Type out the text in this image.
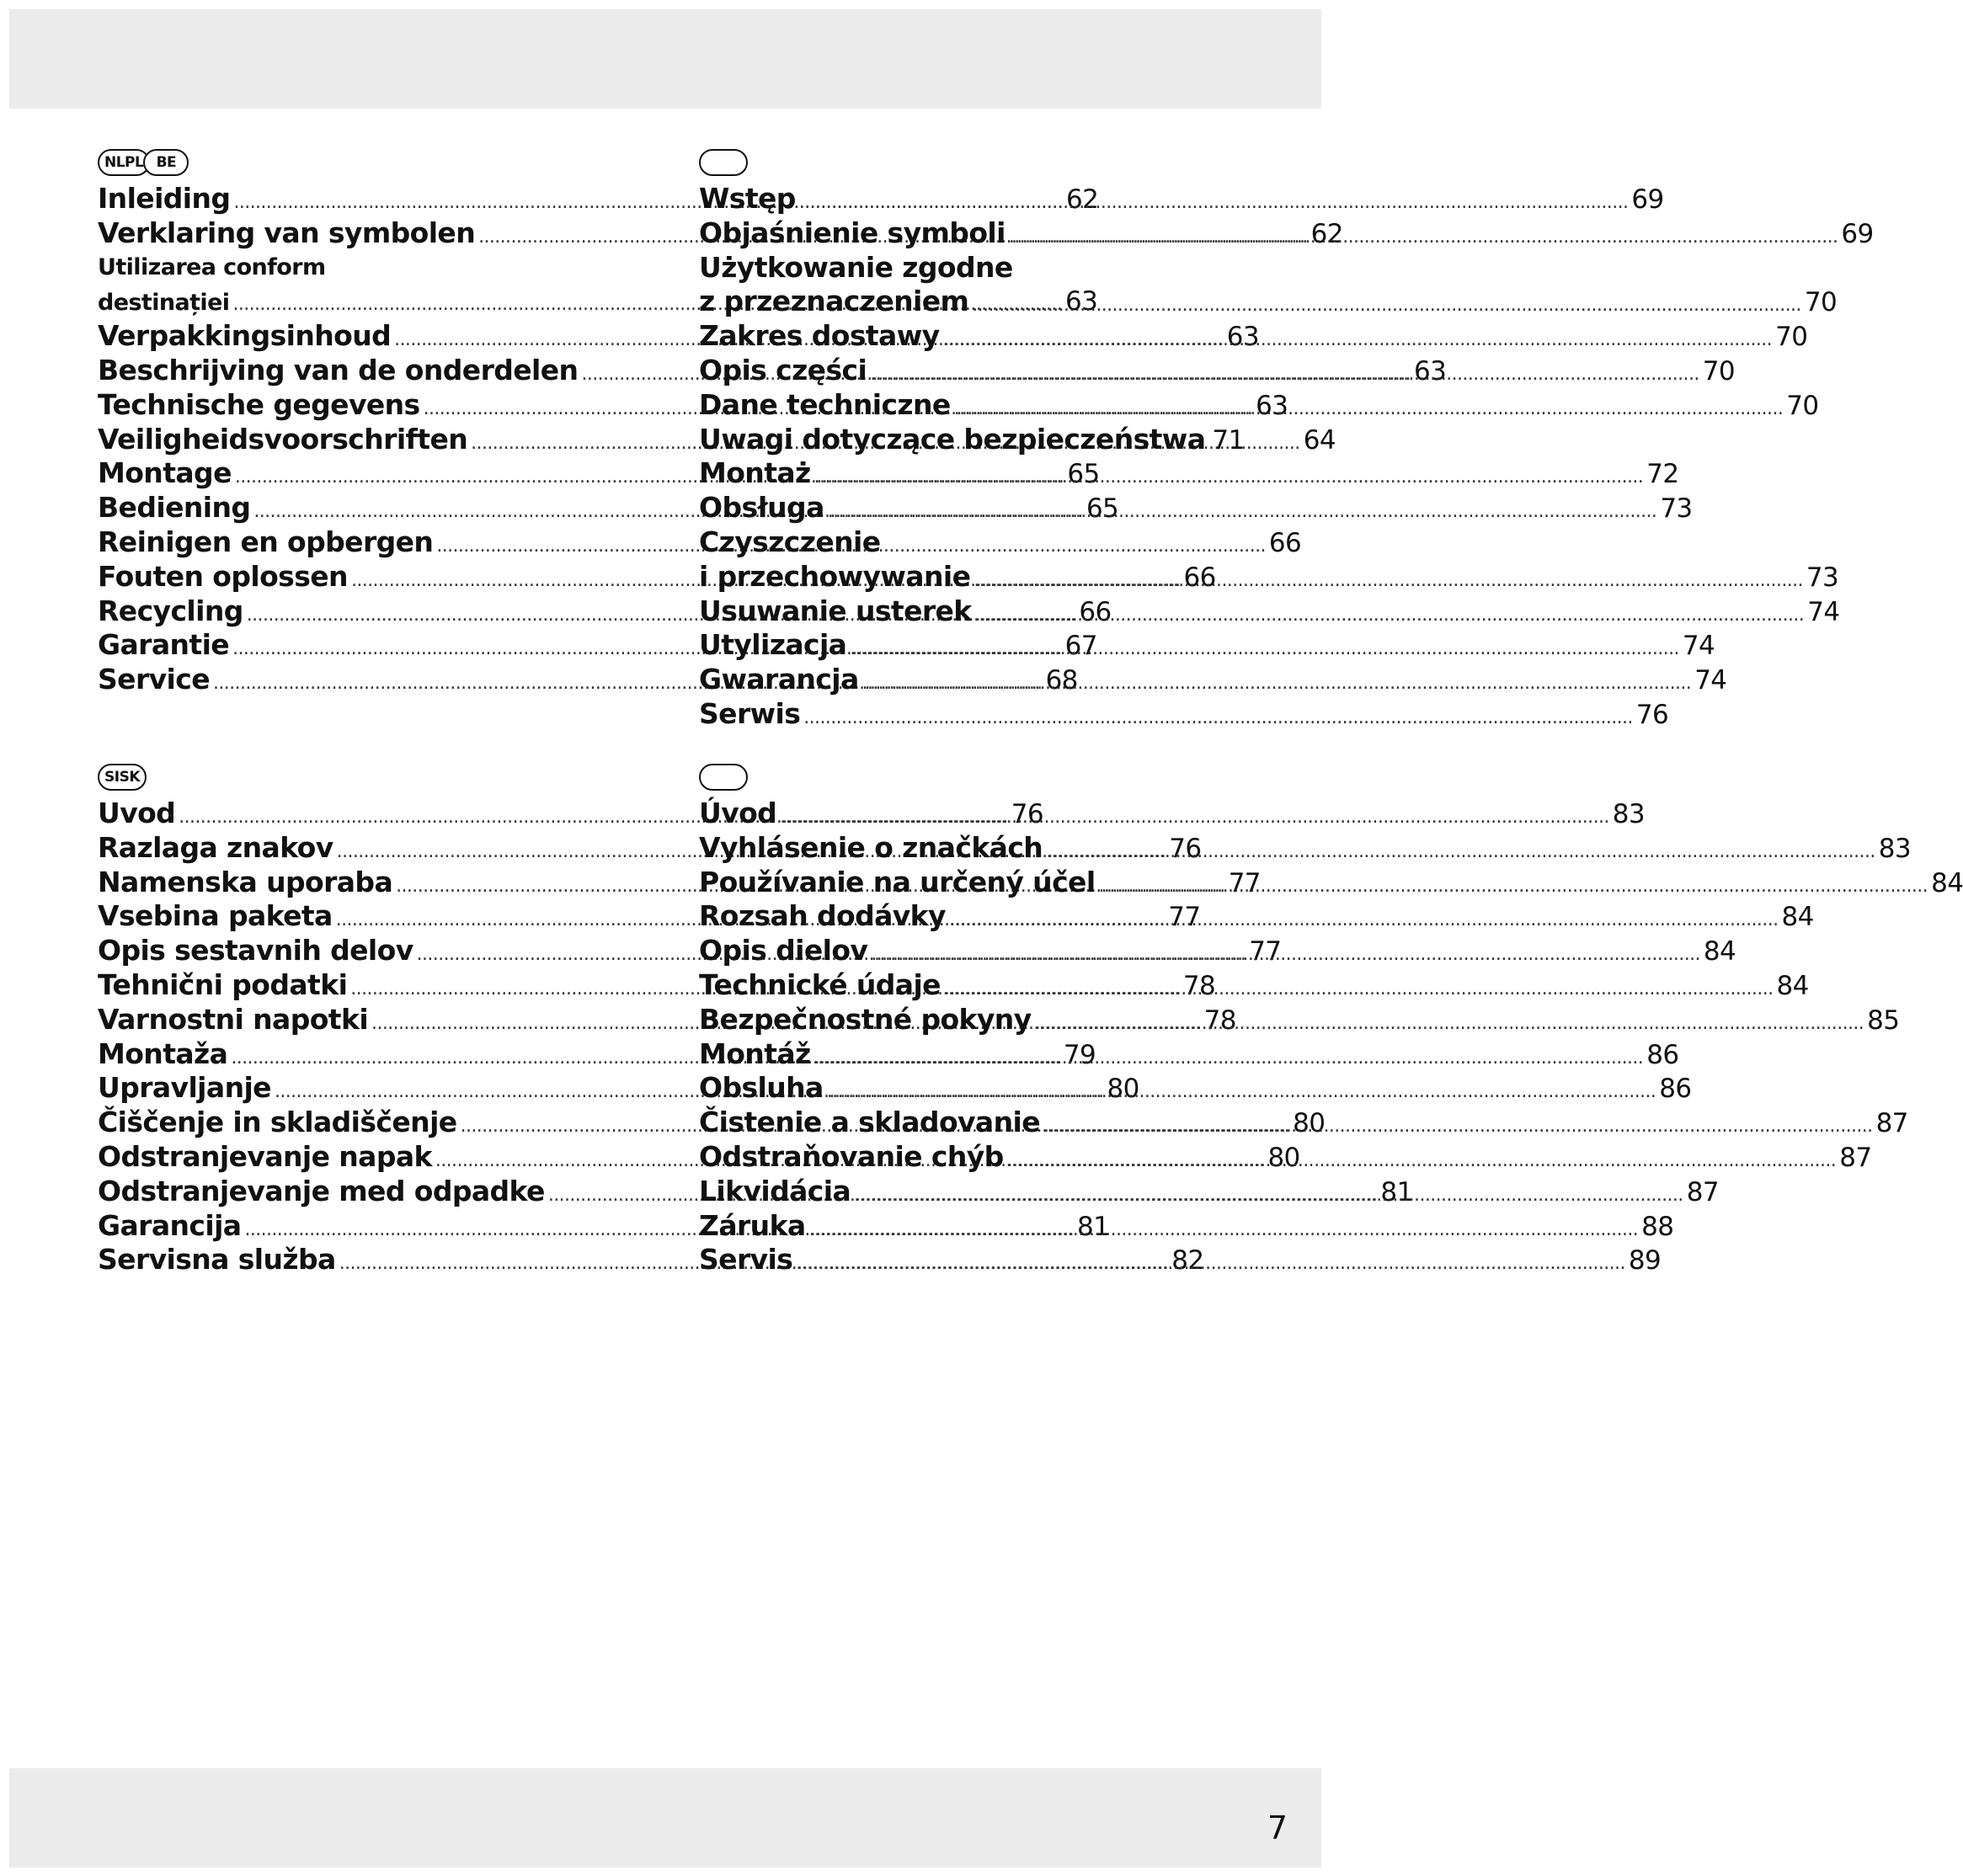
NLPL BE
Inleiding .....	62
Verklaring van symbolen .....	62
Utilizarea conform
destinației .....	63
Verpakkingsinhoud .....	63
Beschrijving van de onderdelen .....	63
Technische gegevens .....	63
Veiligheidsvoorschriften .....	64
Montage .....	65
Bediening .....	65
Reinigen en opbergen .....	66
Fouten oplossen .....	66
Recycling .....	66
Garantie .....	67
Service .....	68
Wstęp .....	69
Objaśnienie symboli .....	69
Użytkowanie zgodne
z przeznaczeniem .....	70
Zakres dostawy .....	70
Opis części .....	70
Dane techniczne .....	70
Uwagi dotyczące bezpieczeństwa 71
Montaż .....	72
Obsługa .....	73
Czyszczenie
i przechowywanie .....	73
Usuwanie usterek .....	74
Utylizacja .....	74
Gwarancja .....	74
Serwis .....	76
SISK
Uvod .....	76
Razlaga znakov .....	76
Namenska uporaba .....	77
Vsebina paketa .....	77
Opis sestavnih delov .....	77
Tehnični podatki .....	78
Varnostni napotki .....	78
Montaža .....	79
Upravljanje .....	80
Čiščenje in skladiščenje .....	80
Odstranjevanje napak .....	80
Odstranjevanje med odpadke .....	81
Garancija .....	81
Servisna služba .....	82
Úvod .....	83
Vyhlásenie o značkách .....	83
Používanie na určený účel .....	84
Rozsah dodávky .....	84
Opis dielov .....	84
Technické údaje .....	84
Bezpečnostné pokyny .....	85
Montáž .....	86
Obsluha .....	86
Čistenie a skladovanie .....	87
Odstraňovanie chýb .....	87
Likvidácia .....	87
Záruka .....	88
Servis .....	89
7
